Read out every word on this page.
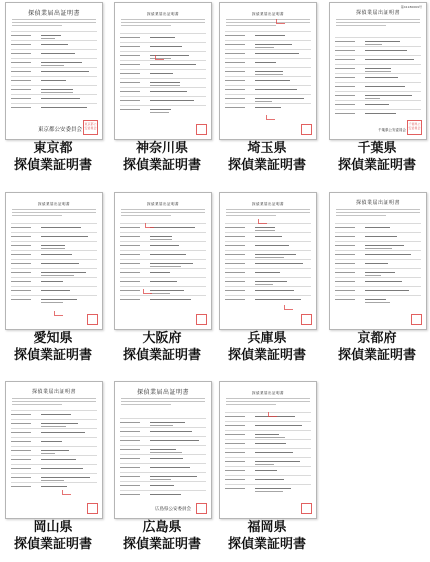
探偵業届出証明書
東京都公安委員会
東京都公安委員会
東京都
探偵業証明書
探偵業届出証明書
神奈川県
探偵業証明書
探偵業届出証明書
埼玉県
探偵業証明書
第41180069号
探偵業届出証明書
千葉県公安委員会
千葉県公安委員会
千葉県
探偵業証明書
探偵業届出証明書
愛知県
探偵業証明書
探偵業届出証明書
大阪府
探偵業証明書
探偵業届出証明書
兵庫県
探偵業証明書
探偵業届出証明書
京都府
探偵業証明書
探偵業届出証明書
岡山県
探偵業証明書
探偵業届出証明書
広島県公安委員会
広島県
探偵業証明書
探偵業届出証明書
福岡県
探偵業証明書
